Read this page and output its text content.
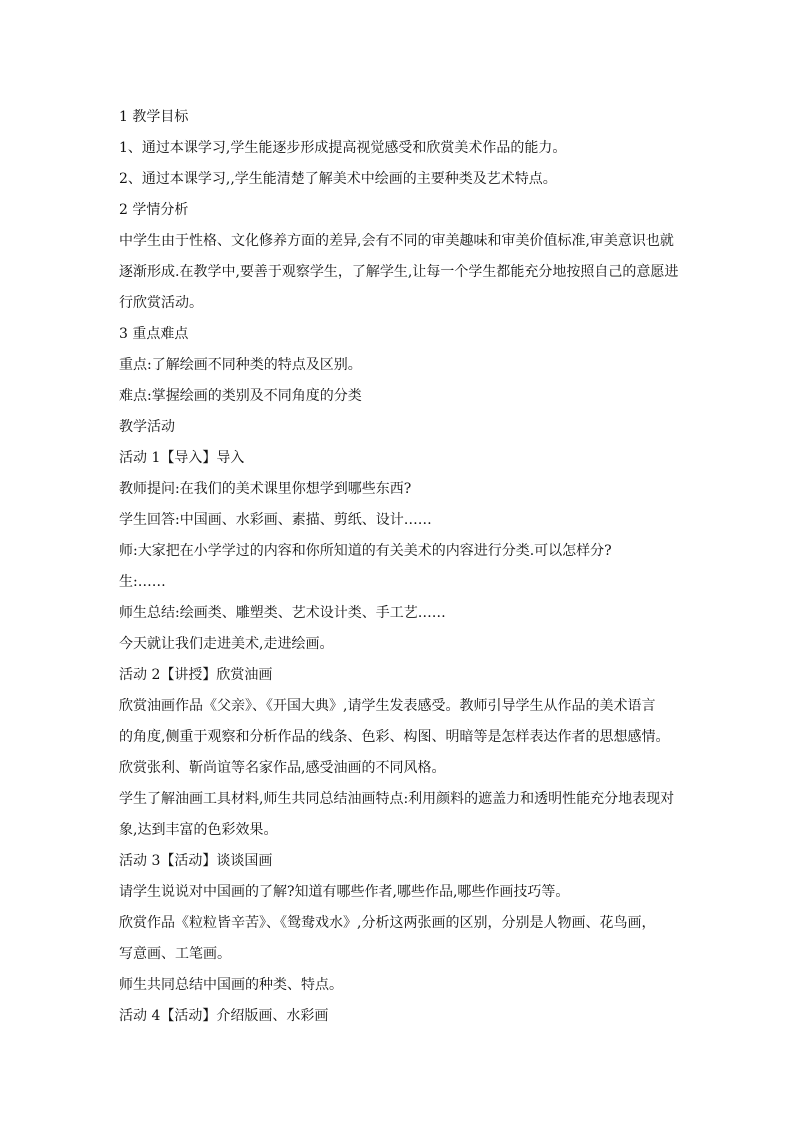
1 教学目标
1、通过本课学习,学生能逐步形成提高视觉感受和欣赏美术作品的能力。
2、通过本课学习,,学生能清楚了解美术中绘画的主要种类及艺术特点。
2 学情分析
中学生由于性格、文化修养方面的差异,会有不同的审美趣味和审美价值标准,审美意识也就
逐渐形成.在教学中,要善于观察学生，了解学生,让每一个学生都能充分地按照自己的意愿进
行欣赏活动。
3 重点难点
重点:了解绘画不同种类的特点及区别。
难点:掌握绘画的类别及不同角度的分类
教学活动
活动 1【导入】导入
教师提问:在我们的美术课里你想学到哪些东西?
学生回答:中国画、水彩画、素描、剪纸、设计……
师:大家把在小学学过的内容和你所知道的有关美术的内容进行分类.可以怎样分?
生:……
师生总结:绘画类、雕塑类、艺术设计类、手工艺……
今天就让我们走进美术,走进绘画。
活动 2【讲授】欣赏油画
欣赏油画作品《父亲》、《开国大典》,请学生发表感受。教师引导学生从作品的美术语言
的角度,侧重于观察和分析作品的线条、色彩、构图、明暗等是怎样表达作者的思想感情。
欣赏张利、靳尚谊等名家作品,感受油画的不同风格。
学生了解油画工具材料,师生共同总结油画特点:利用颜料的遮盖力和透明性能充分地表现对
象,达到丰富的色彩效果。
活动 3【活动】谈谈国画
请学生说说对中国画的了解?知道有哪些作者,哪些作品,哪些作画技巧等。
欣赏作品《粒粒皆辛苦》、《鸳鸯戏水》,分析这两张画的区别，分别是人物画、花鸟画，
写意画、工笔画。
师生共同总结中国画的种类、特点。
活动 4【活动】介绍版画、水彩画
